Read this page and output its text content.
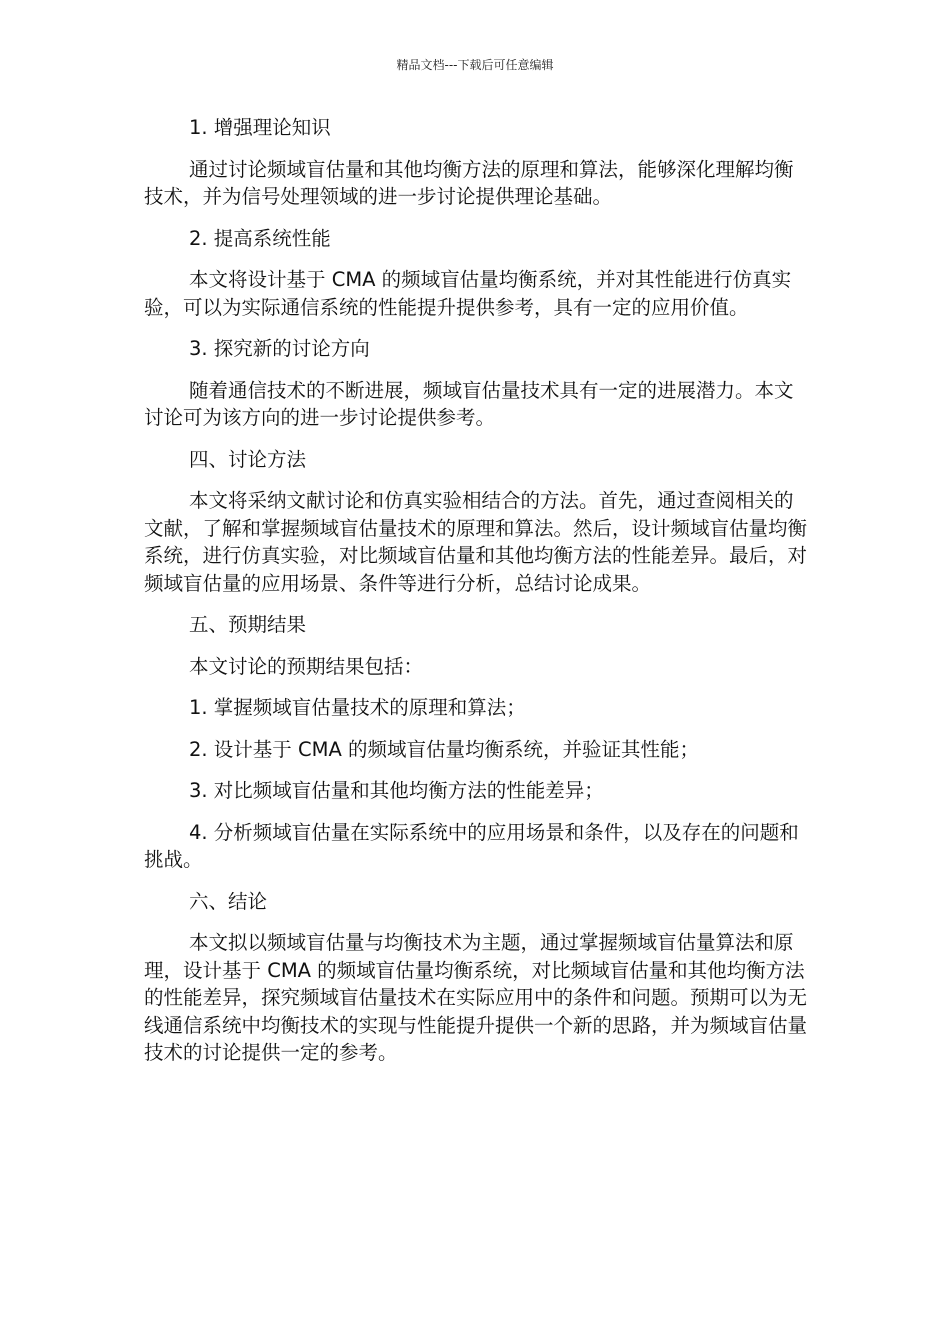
精品文档---下载后可任意编辑

1. 增强理论知识

通过讨论频域盲估量和其他均衡方法的原理和算法，能够深化理解均衡技术，并为信号处理领域的进一步讨论提供理论基础。

2. 提高系统性能

本文将设计基于 CMA 的频域盲估量均衡系统，并对其性能进行仿真实验，可以为实际通信系统的性能提升提供参考，具有一定的应用价值。

3. 探究新的讨论方向

随着通信技术的不断进展，频域盲估量技术具有一定的进展潜力。本文讨论可为该方向的进一步讨论提供参考。

四、讨论方法

本文将采纳文献讨论和仿真实验相结合的方法。首先，通过查阅相关的文献，了解和掌握频域盲估量技术的原理和算法。然后，设计频域盲估量均衡系统，进行仿真实验，对比频域盲估量和其他均衡方法的性能差异。最后，对频域盲估量的应用场景、条件等进行分析，总结讨论成果。

五、预期结果

本文讨论的预期结果包括：

1. 掌握频域盲估量技术的原理和算法；

2. 设计基于 CMA 的频域盲估量均衡系统，并验证其性能；

3. 对比频域盲估量和其他均衡方法的性能差异；

4. 分析频域盲估量在实际系统中的应用场景和条件，以及存在的问题和挑战。

六、结论

本文拟以频域盲估量与均衡技术为主题，通过掌握频域盲估量算法和原理，设计基于 CMA 的频域盲估量均衡系统，对比频域盲估量和其他均衡方法的性能差异，探究频域盲估量技术在实际应用中的条件和问题。预期可以为无线通信系统中均衡技术的实现与性能提升提供一个新的思路，并为频域盲估量技术的讨论提供一定的参考。
